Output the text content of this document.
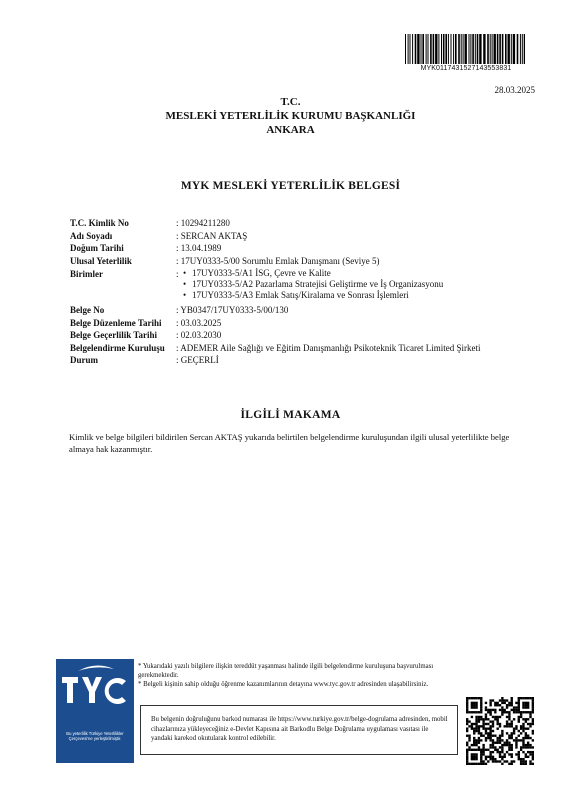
MYK01174315271435538​31
28.03.2025
T.C.
MESLEKİ YETERLİLİK KURUMU BAŞKANLIĞI
ANKARA
MYK MESLEKİ YETERLİLİK BELGESİ
T.C. Kimlik No	: 10294211280
Adı Soyadı	: SERCAN AKTAŞ
Doğum Tarihi	: 13.04.1989
Ulusal Yeterlilik	: 17UY0333-5/00 Sorumlu Emlak Danışmanı (Seviye 5)
Birimler	:
•	17UY0333-5/A1 İSG, Çevre ve Kalite
• 17UY0333-5/A2 Pazarlama Stratejisi Geliştirme ve İş Organizasyonu
• 17UY0333-5/A3 Emlak Satış/Kiralama ve Sonrası İşlemleri
Belge No	: YB0347/17UY0333-5/00/130
Belge Düzenleme Tarihi	: 03.03.2025
Belge Geçerlilik Tarihi	: 02.03.2030
Belgelendirme Kuruluşu	: ADEMER Aile Sağlığı ve Eğitim Danışmanlığı Psikoteknik Ticaret Limited Şirketi
Durum	: GEÇERLİ
İLGİLİ MAKAMA
Kimlik ve belge bilgileri bildirilen Sercan AKTAŞ yukarıda belirtilen belgelendirme kuruluşundan ilgili ulusal yeterlilikte belge almaya hak kazanmıştır.
Bu yeterlilik Türkiye Yeterlilikler Çerçevesi'ne yerleştirilmiştir.

* Yukarıdaki yazılı bilgilere ilişkin tereddüt yaşanması halinde ilgili belgelendirme kuruluşuna başvurulması gerekmektedir.

* Belgeli kişinin sahip olduğu öğrenme kazanımlarının detayına www.tyc.gov.tr adresinden ulaşabilirsiniz.

Bu belgenin doğruluğunu barkod numarası ile https://www.turkiye.gov.tr/belge-dogrulama adresinden, mobil cihazlarınıza yükleyeceğiniz e-Devlet Kapısına ait Barkodlu Belge Doğrulama uygulaması vasıtası ile yandaki karekod okutularak kontrol edilebilir.
